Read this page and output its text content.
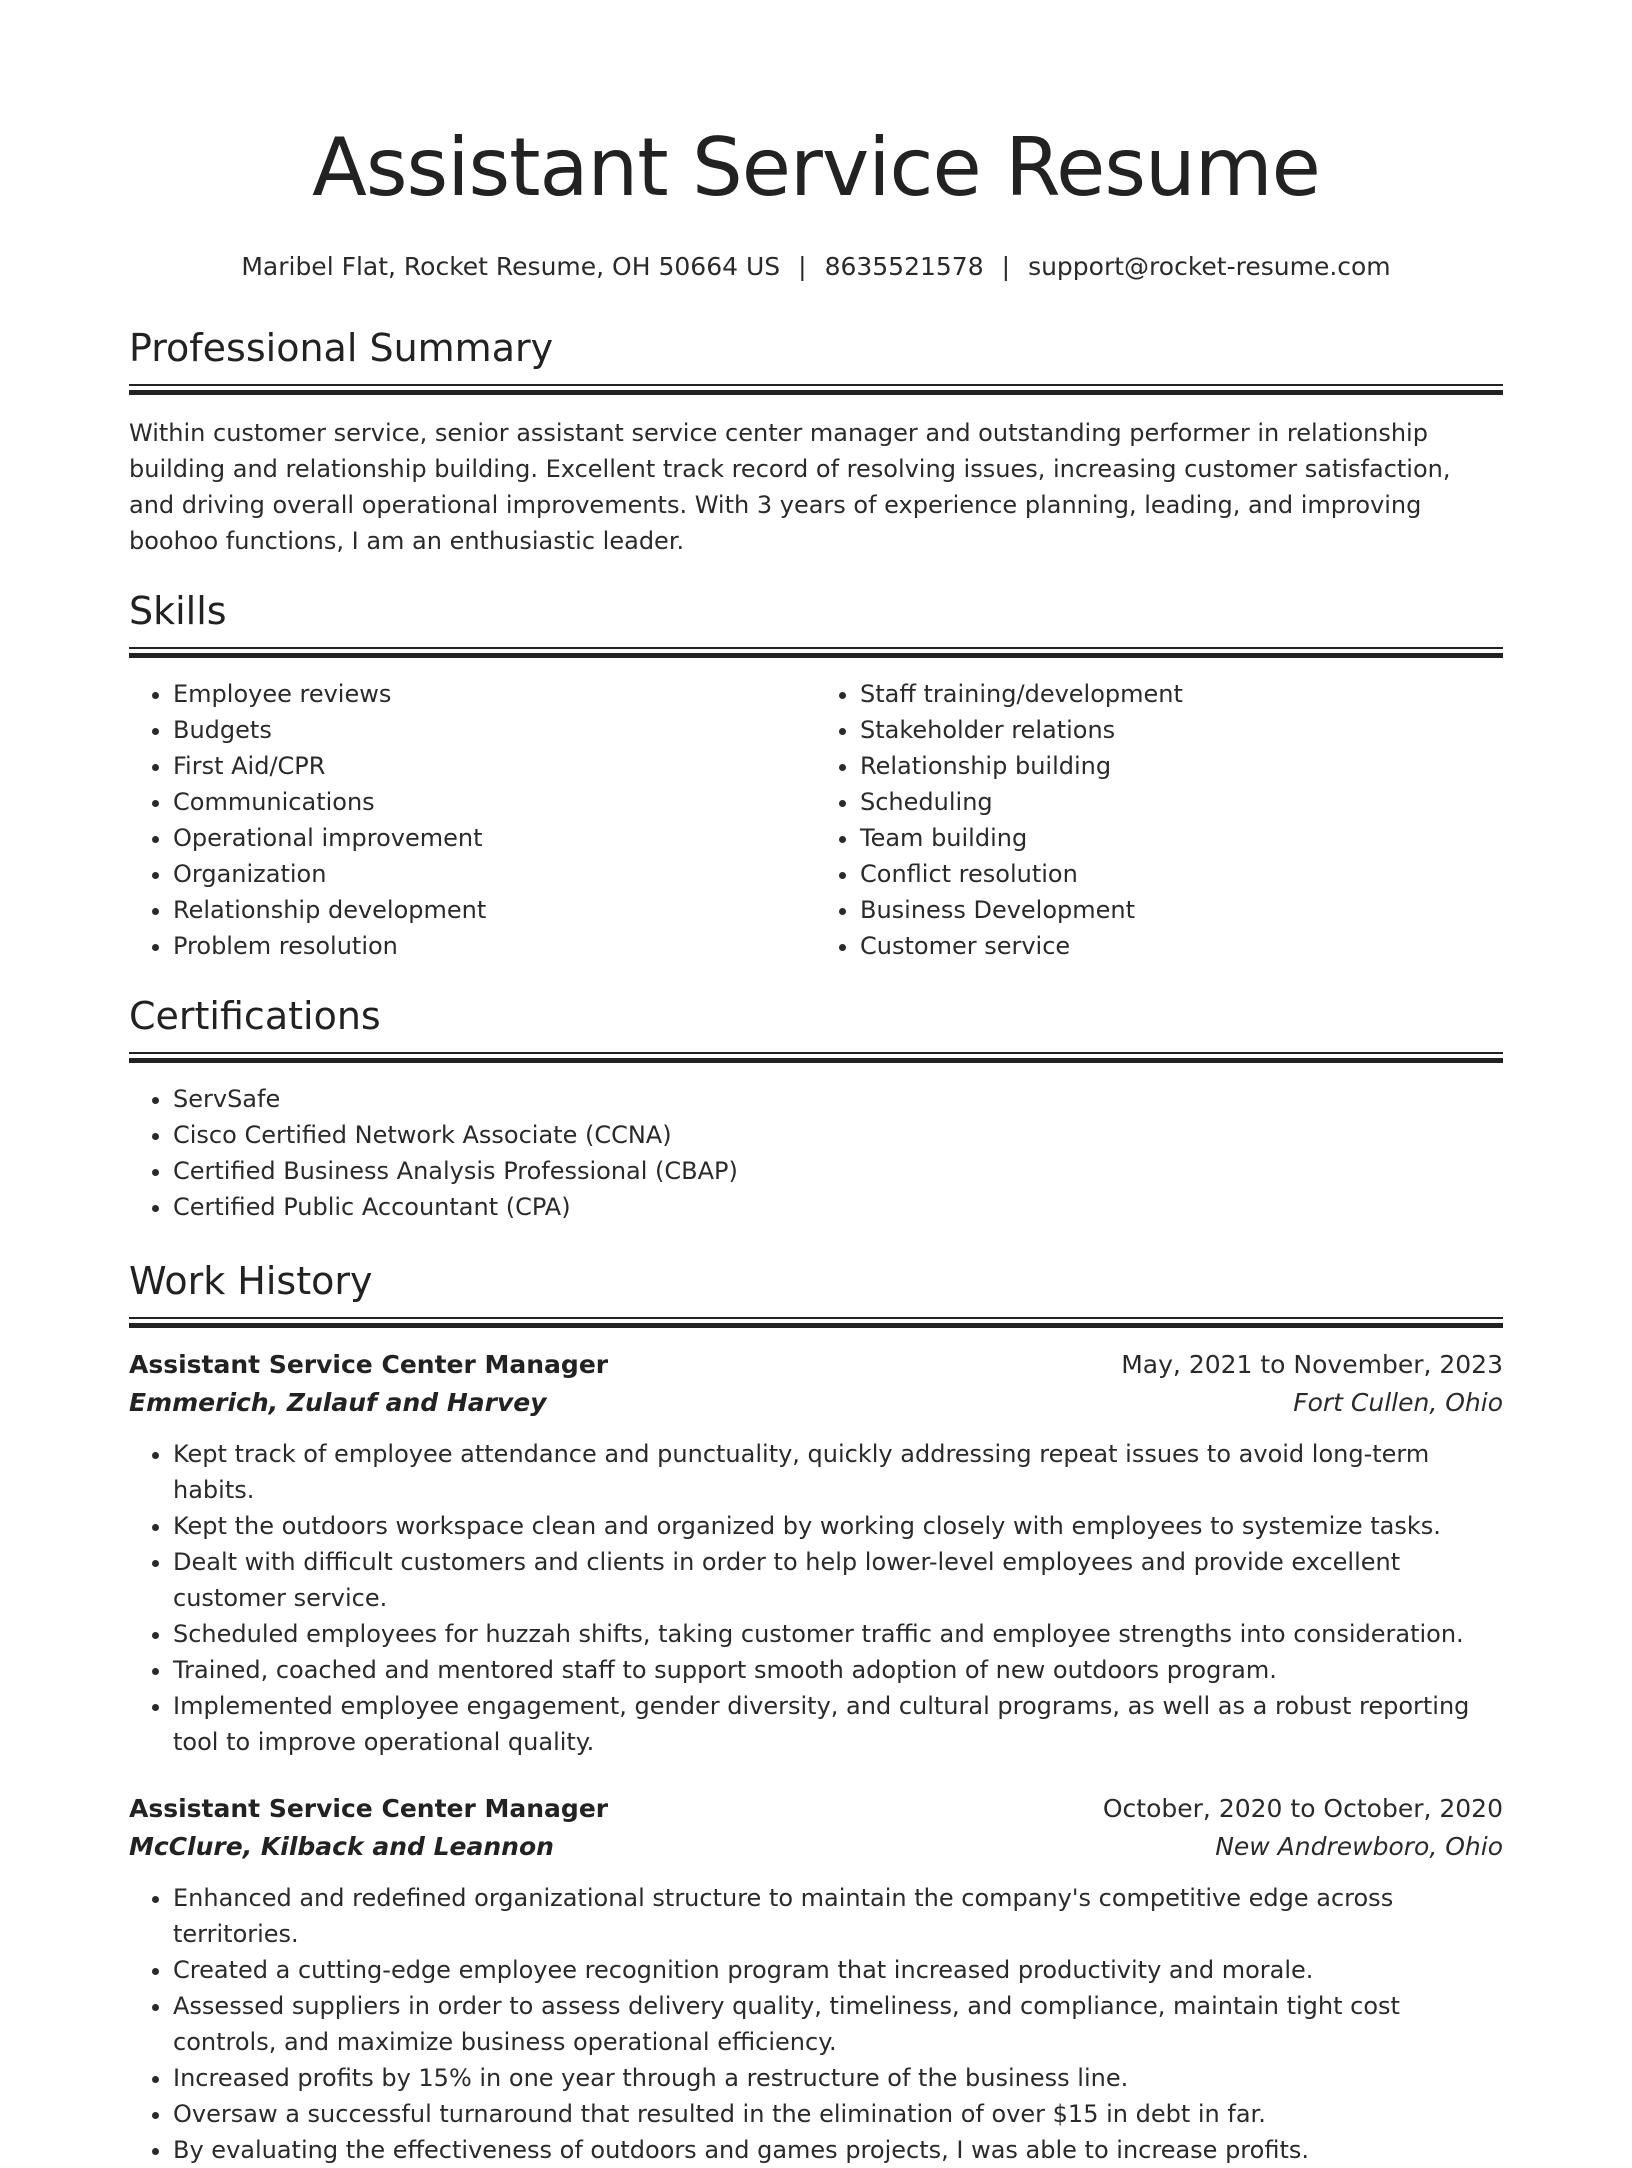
Assistant Service Resume
Maribel Flat, Rocket Resume, OH 50664 US | 8635521578 | support@rocket-resume.com
Professional Summary

Within customer service, senior assistant service center manager and outstanding performer in relationship building and relationship building. Excellent track record of resolving issues, increasing customer satisfaction, and driving overall operational improvements. With 3 years of experience planning, leading, and improving boohoo functions, I am an enthusiastic leader.

Skills
• Employee reviews
• Budgets
• First Aid/CPR
• Communications
• Operational improvement
• Organization
• Relationship development
• Problem resolution
• Staff training/development
• Stakeholder relations
• Relationship building
• Scheduling
• Team building
• Conflict resolution
• Business Development
• Customer service
Certifications
• ServSafe
• Cisco Certified Network Associate (CCNA)
• Certified Business Analysis Professional (CBAP)
• Certified Public Accountant (CPA)
Work History
Assistant Service Center Manager	May, 2021 to November, 2023
Emmerich, Zulauf and Harvey	Fort Cullen, Ohio
• Kept track of employee attendance and punctuality, quickly addressing repeat issues to avoid long-term habits.
• Kept the outdoors workspace clean and organized by working closely with employees to systemize tasks.
• Dealt with difficult customers and clients in order to help lower-level employees and provide excellent customer service.
• Scheduled employees for huzzah shifts, taking customer traffic and employee strengths into consideration.
• Trained, coached and mentored staff to support smooth adoption of new outdoors program.
• Implemented employee engagement, gender diversity, and cultural programs, as well as a robust reporting tool to improve operational quality.
Assistant Service Center Manager	October, 2020 to October, 2020
McClure, Kilback and Leannon	New Andrewboro, Ohio
• Enhanced and redefined organizational structure to maintain the company's competitive edge across territories.
• Created a cutting-edge employee recognition program that increased productivity and morale.
• Assessed suppliers in order to assess delivery quality, timeliness, and compliance, maintain tight cost controls, and maximize business operational efficiency.
• Increased profits by 15% in one year through a restructure of the business line.
• Oversaw a successful turnaround that resulted in the elimination of over $15 in debt in far.
• By evaluating the effectiveness of outdoors and games projects, I was able to increase profits.
